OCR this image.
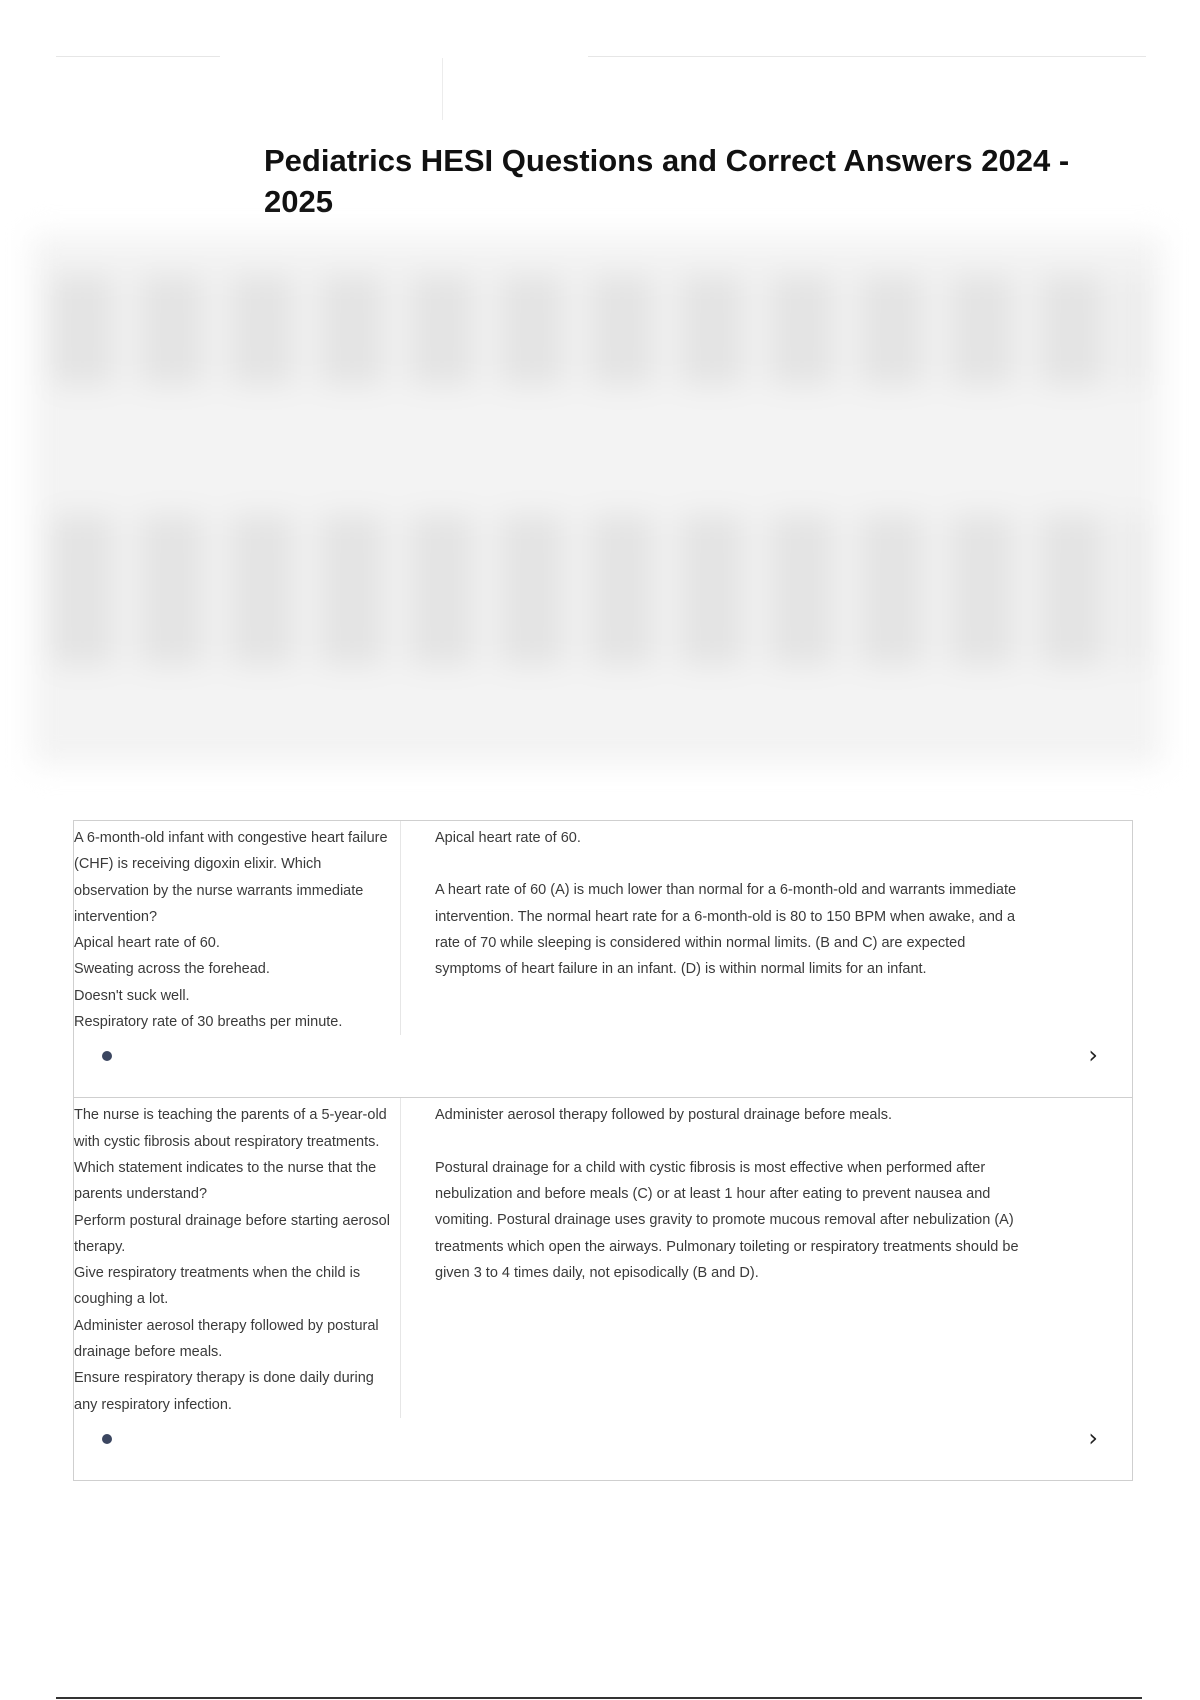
Pediatrics HESI Questions and Correct Answers 2024 - 2025
A 6-month-old infant with congestive heart failure (CHF) is receiving digoxin elixir. Which observation by the nurse warrants immediate intervention?
Apical heart rate of 60.
Sweating across the forehead.
Doesn't suck well.
Respiratory rate of 30 breaths per minute.

Apical heart rate of 60.

A heart rate of 60 (A) is much lower than normal for a 6-month-old and warrants immediate intervention. The normal heart rate for a 6-month-old is 80 to 150 BPM when awake, and a rate of 70 while sleeping is considered within normal limits. (B and C) are expected symptoms of heart failure in an infant. (D) is within normal limits for an infant.

›
The nurse is teaching the parents of a 5-year-old with cystic fibrosis about respiratory treatments. Which statement indicates to the nurse that the parents understand?
Perform postural drainage before starting aerosol therapy.
Give respiratory treatments when the child is coughing a lot.
Administer aerosol therapy followed by postural drainage before meals.
Ensure respiratory therapy is done daily during any respiratory infection.

Administer aerosol therapy followed by postural drainage before meals.

Postural drainage for a child with cystic fibrosis is most effective when performed after nebulization and before meals (C) or at least 1 hour after eating to prevent nausea and vomiting. Postural drainage uses gravity to promote mucous removal after nebulization (A) treatments which open the airways. Pulmonary toileting or respiratory treatments should be given 3 to 4 times daily, not episodically (B and D).

›
